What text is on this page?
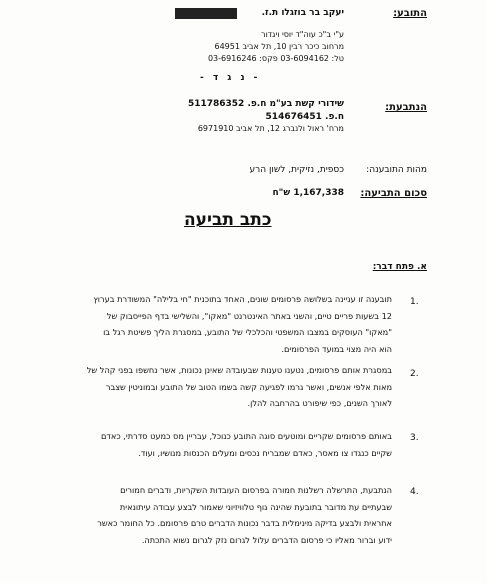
התובע:
יעקב בר בוזגלו ת.ז.
ע"י ב"כ עוה"ד יוסי ויגדור
מרחוב כיכר רבין 10, תל אביב 64951
טל: 03-6094162 פקס: 03-6916246
- נ ג ד -
הנתבעת:
שידורי קשת בע"מ ח.פ. 511786352
ח.פ. 514676451
מרח' ראול ולנברג 12, תל אביב 6971910
מהות התובענה:
כספית, נזיקית, לשון הרע
סכום התביעה:
1,167,338 ש"ח
כתב תביעה
א. פתח דבר:
1.
תובענה זו עניינה בשלושה פרסומים שונים, האחד בתוכנית "חי בלילה" המשודרת בערוץ
12 בשעות פריים טיים, והשני באתר האינטרנט "מאקו", והשלישי בדף הפייסבוק של
"מאקו" העוסקים במצבו המשפטי והכלכלי של התובע, במסגרת הליך פשיטת רגל בו
הוא היה מצוי במועד הפרסומים.
2.
במסגרת אותם פרסומים, נטענו טענות שבעובדה שאינן נכונות, אשר נחשפו בפני קהל של
מאות אלפי אנשים, ואשר גרמו לפגיעה קשה בשמו הטוב של התובע ובמוניטין שצבר
לאורך השנים, כפי שיפורט בהרחבה להלן.
3.
באותם פרסומים שקריים ומוטעים סוגה התובע כנוכל, עבריין מס כמעט סדרתי, כאדם
שקיים כנגדו צו מאסר, כאדם שמבריח נכסים ומעלים הכנסות מנושיו, ועוד.
4.
הנתבעת, התרשלה רשלנות חמורה בפרסום העובדות השקריות, ודברים חמורים
שבעתיים עת מדובר בתובעת שהינה גוף טלוויזיוני שאמור לבצע עבודה עיתונאית
אחראית ולבצע בדיקה מינימלית בדבר נכונות הדברים טרם פרסומם. כל החומר כאשר
ידוע וברור מאליו כי פרסום הדברים עלול לגרום נזק לגרום נשוא התכתה.
